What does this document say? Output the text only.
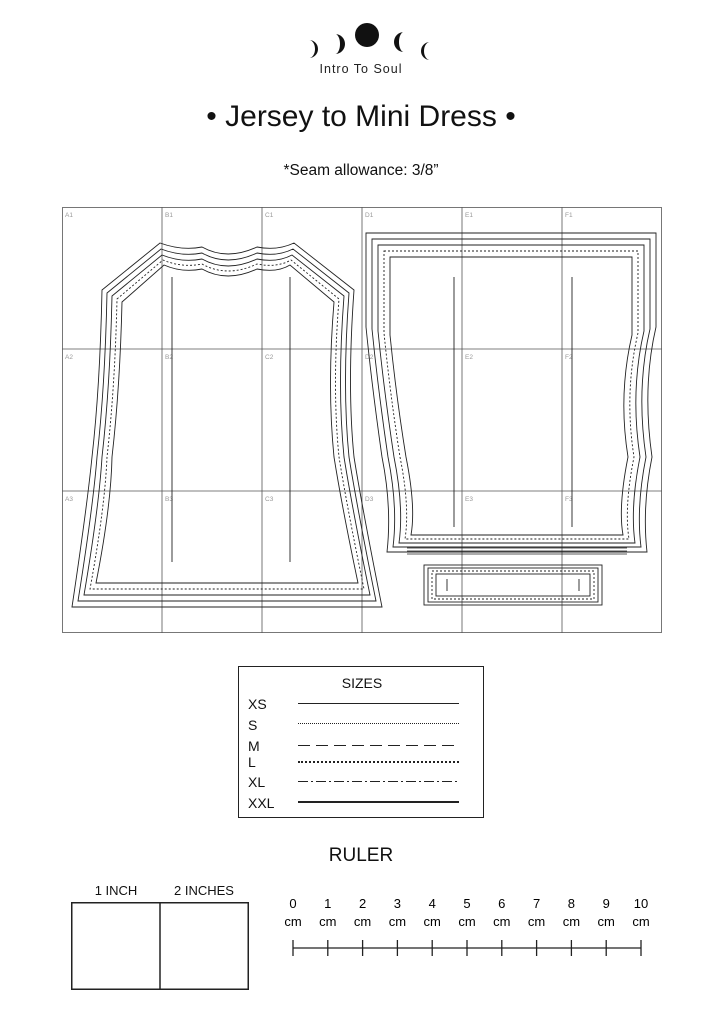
Intro To Soul
• Jersey to Mini Dress •
*Seam allowance: 3/8”
A1	B1	C1	D1	E1	F1
A2	B2	C2	D2	E2	F2
A3	B3	C3	D3	E3	F3
SIZES
XS
S
M
L
XL
XXL
RULER
1 INCH	2 INCHES
0
cm
1
cm
2
cm
3
cm
4
cm
5
cm
6
cm
7
cm
8
cm
9
cm
10
cm
